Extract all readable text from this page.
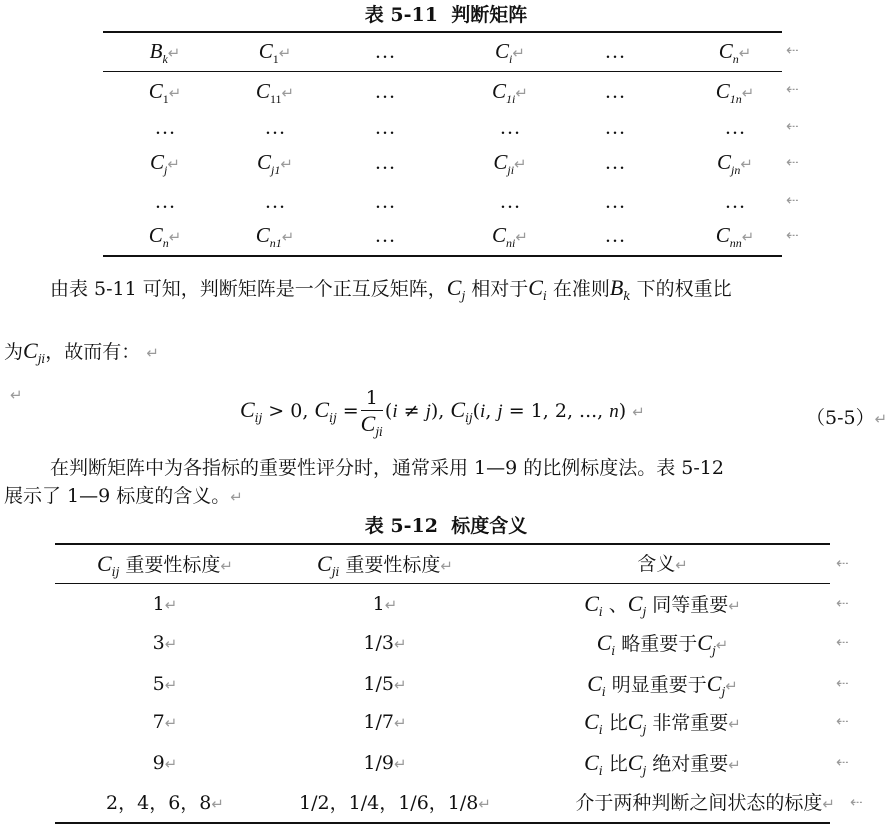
表 5-11  判断矩阵
$B_k↵$	$C_1↵$	…	$C_i↵$	…	$C_n↵$
$C_1↵$	$C_{11}↵$	…	$C_{1i}↵$	…	$C_{1n}↵$
…	…	…	…	…	…
$C_j↵$	$C_{j1}↵$	…	$C_{ji}↵$	…	$C_{jn}↵$
…	…	…	…	…	…
$C_n↵$	$C_{n1}↵$	…	$C_{ni}↵$	…	$C_{nn}↵$
⇠
⇠
⇠
⇠
⇠
⇠
由表 5-11 可知，判断矩阵是一个正互反矩阵，$C_j$ 相对于$C_i$ 在准则$B_k$ 下的权重比
为$C_{ji}$，故而有： ↵
↵
$C_{ij} > 0$, $C_{ij} = \frac{1}{C_{ji}} (i \ne j)$, $C_{ij}(i$, j = 1, 2, ..., n) ↵	（5-5）↵
在判断矩阵中为各指标的重要性评分时，通常采用 1—9 的比例标度法。表 5-12
展示了 1—9 标度的含义。↵
表 5-12  标度含义
$C_{ij}$ 重要性标度↵	$C_{ji}$ 重要性标度↵	含义↵
1↵	1↵	$C_i$ 、$C_j$ 同等重要↵
3↵	1/3↵	$C_i$ 略重要于$C_j↵$
5↵	1/5↵	$C_i$ 明显重要于$C_j↵$
7↵	1/7↵	$C_i$ 比$C_j$ 非常重要↵
9↵	1/9↵	$C_i$ 比$C_j$ 绝对重要↵
2，4，6，8↵	1/2，1/4，1/6，1/8↵	介于两种判断之间状态的标度↵
⇠
⇠
⇠
⇠
⇠
⇠
⇠
